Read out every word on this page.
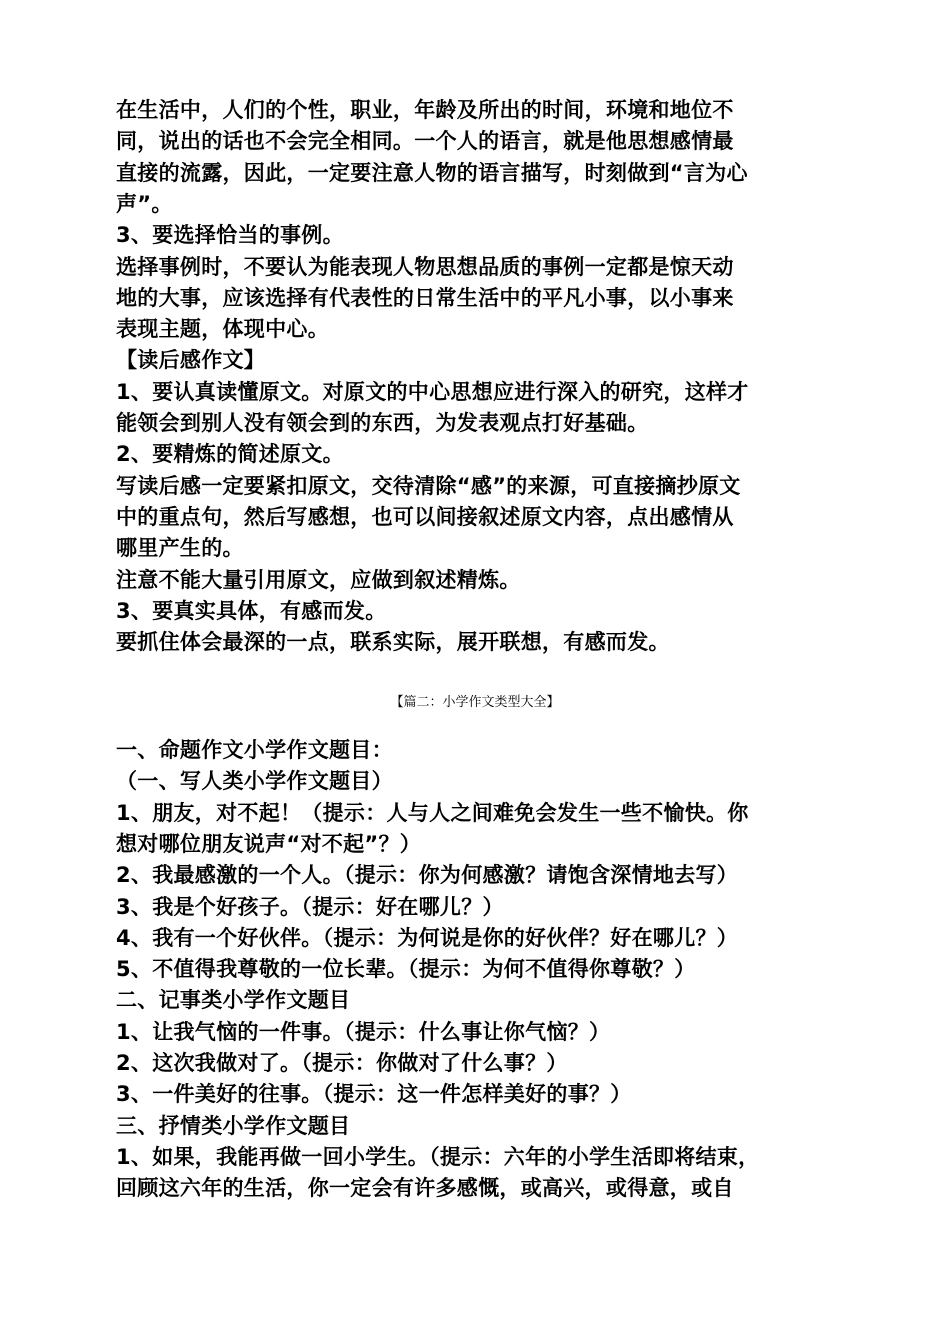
在生活中，人们的个性，职业，年龄及所出的时间，环境和地位不
同，说出的话也不会完全相同。一个人的语言，就是他思想感情最
直接的流露，因此，一定要注意人物的语言描写，时刻做到“言为心
声”。
3、要选择恰当的事例。
选择事例时，不要认为能表现人物思想品质的事例一定都是惊天动
地的大事，应该选择有代表性的日常生活中的平凡小事，以小事来
表现主题，体现中心。
【读后感作文】
1、要认真读懂原文。对原文的中心思想应进行深入的研究，这样才
能领会到别人没有领会到的东西，为发表观点打好基础。
2、要精炼的简述原文。
写读后感一定要紧扣原文，交待清除“感”的来源，可直接摘抄原文
中的重点句，然后写感想，也可以间接叙述原文内容，点出感情从
哪里产生的。
注意不能大量引用原文，应做到叙述精炼。
3、要真实具体，有感而发。
要抓住体会最深的一点，联系实际，展开联想，有感而发。
【篇二：小学作文类型大全】
一、命题作文小学作文题目：
（一、写人类小学作文题目）
1、朋友，对不起！（提示：人与人之间难免会发生一些不愉快。你
想对哪位朋友说声“对不起”？）
2、我最感激的一个人。（提示：你为何感激？请饱含深情地去写）
3、我是个好孩子。（提示：好在哪儿？）
4、我有一个好伙伴。（提示：为何说是你的好伙伴？好在哪儿？）
5、不值得我尊敬的一位长辈。（提示：为何不值得你尊敬？）
二、记事类小学作文题目
1、让我气恼的一件事。（提示：什么事让你气恼？）
2、这次我做对了。（提示：你做对了什么事？）
3、一件美好的往事。（提示：这一件怎样美好的事？）
三、抒情类小学作文题目
1、如果，我能再做一回小学生。（提示：六年的小学生活即将结束，
回顾这六年的生活，你一定会有许多感慨，或高兴，或得意，或自
